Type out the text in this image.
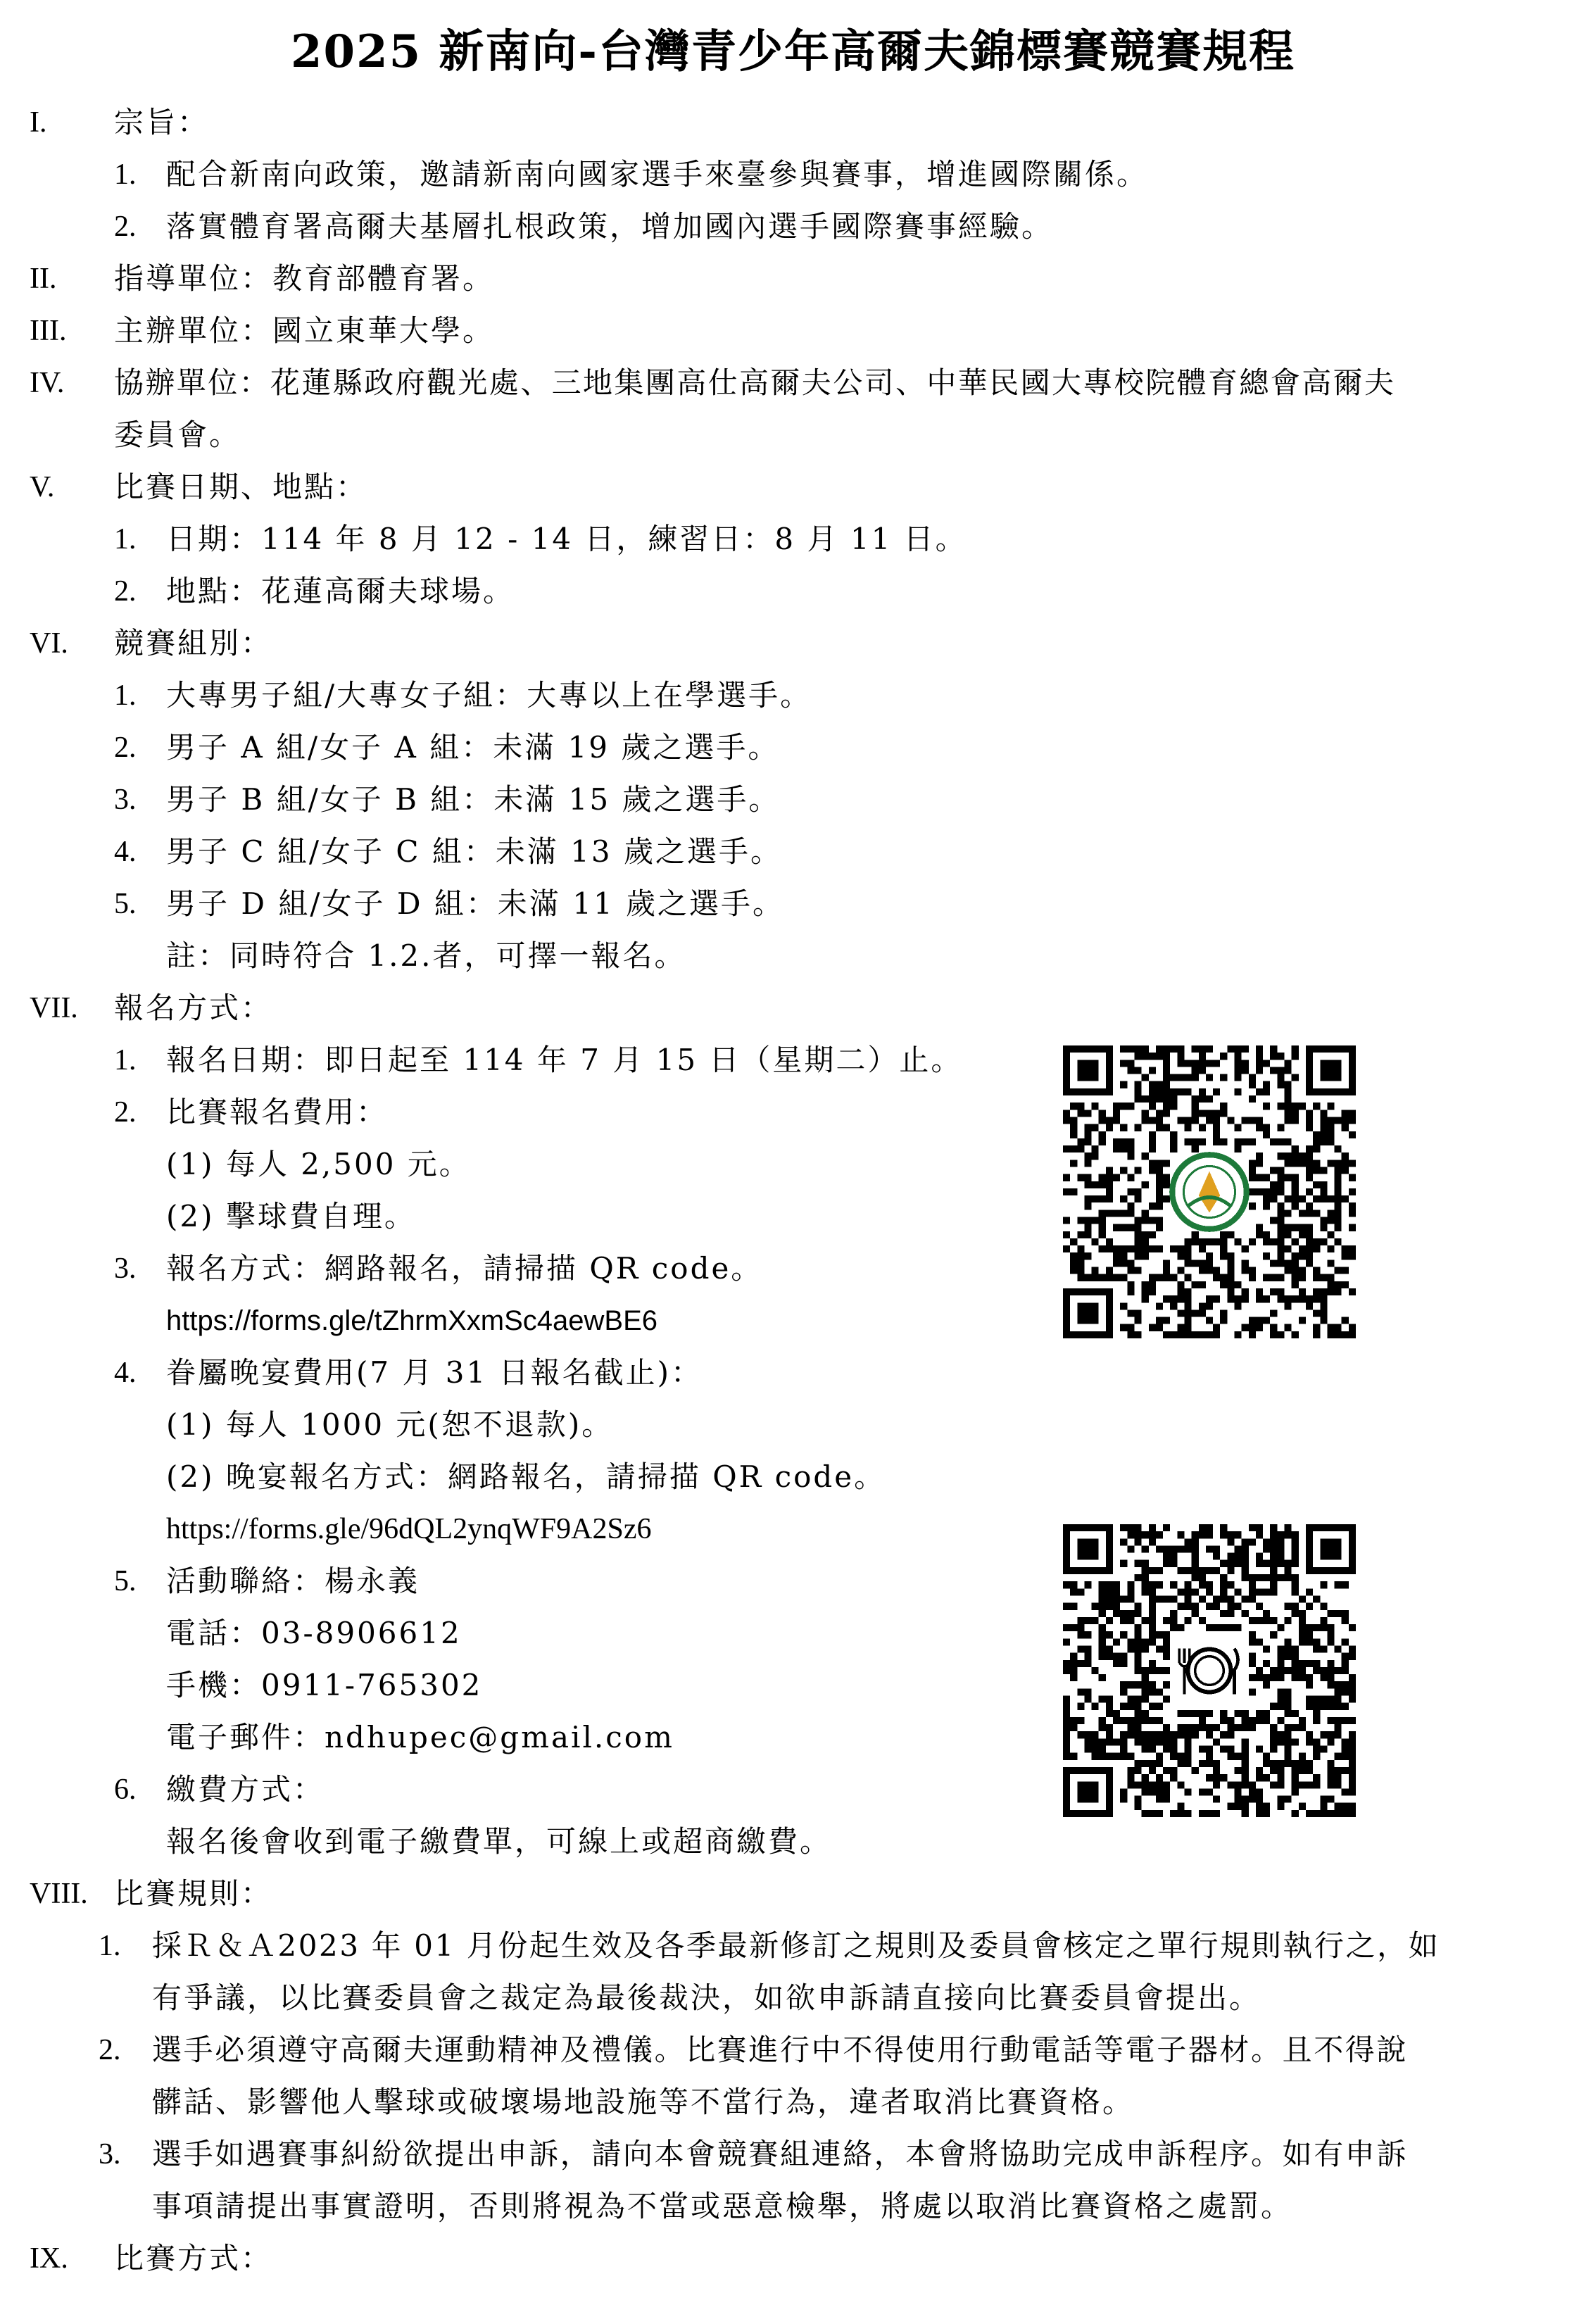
2025 新南向-台灣青少年高爾夫錦標賽競賽規程
I. 宗旨：
1. 配合新南向政策，邀請新南向國家選手來臺參與賽事，增進國際關係。
2. 落實體育署高爾夫基層扎根政策，增加國內選手國際賽事經驗。
II. 指導單位：教育部體育署。
III. 主辦單位：國立東華大學。
IV. 協辦單位：花蓮縣政府觀光處、三地集團高仕高爾夫公司、中華民國大專校院體育總會高爾夫
委員會。
V. 比賽日期、地點：
1. 日期：114 年 8 月 12 - 14 日，練習日：8 月 11 日。
2. 地點：花蓮高爾夫球場。
VI. 競賽組別：
1. 大專男子組/大專女子組：大專以上在學選手。
2. 男子 A 組/女子 A 組：未滿 19 歲之選手。
3. 男子 B 組/女子 B 組：未滿 15 歲之選手。
4. 男子 C 組/女子 C 組：未滿 13 歲之選手。
5. 男子 D 組/女子 D 組：未滿 11 歲之選手。
註：同時符合 1.2.者，可擇一報名。
VII. 報名方式：
1. 報名日期：即日起至 114 年 7 月 15 日（星期二）止。
2. 比賽報名費用：
(1) 每人 2,500 元。
(2) 擊球費自理。
3. 報名方式：網路報名，請掃描 QR code。
https://forms.gle/tZhrmXxmSc4aewBE6
4. 眷屬晚宴費用(7 月 31 日報名截止)：
(1) 每人 1000 元(恕不退款)。
(2) 晚宴報名方式：網路報名，請掃描 QR code。
https://forms.gle/96dQL2ynqWF9A2Sz6
5. 活動聯絡：楊永義
電話：03-8906612
手機：0911-765302
電子郵件：ndhupec@gmail.com
6. 繳費方式：
報名後會收到電子繳費單，可線上或超商繳費。
VIII. 比賽規則：
1. 採Ｒ＆Ａ2023 年 01 月份起生效及各季最新修訂之規則及委員會核定之單行規則執行之，如
有爭議，以比賽委員會之裁定為最後裁決，如欲申訴請直接向比賽委員會提出。
2. 選手必須遵守高爾夫運動精神及禮儀。比賽進行中不得使用行動電話等電子器材。且不得說
髒話、影響他人擊球或破壞場地設施等不當行為，違者取消比賽資格。
3. 選手如遇賽事糾紛欲提出申訴，請向本會競賽組連絡，本會將協助完成申訴程序。如有申訴
事項請提出事實證明，否則將視為不當或惡意檢舉，將處以取消比賽資格之處罰。
IX. 比賽方式：
